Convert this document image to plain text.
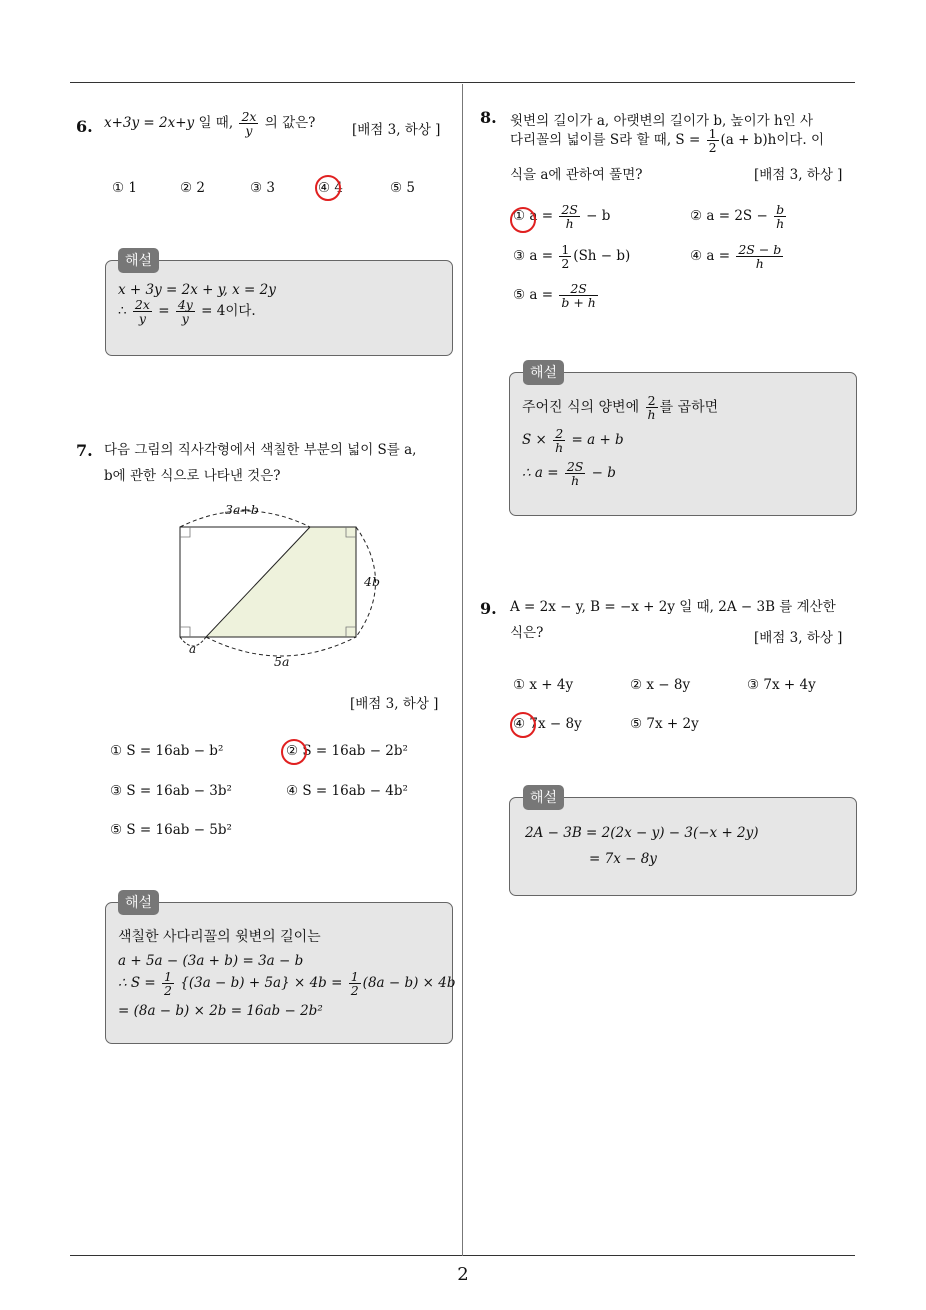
6. x+3y = 2x+y 일 때, $\frac{2x}{y}$ 의 값은?	[배점 3, 하상 ]
① 1	② 2	③ 3	④ 4	⑤ 5
해설
x + 3y = 2x + y, x = 2y
∴ $\frac{2x}{y} = \frac{4y}{y} = 4$이다.
7. 다음 그림의 직사각형에서 색칠한 부분의 넓이 S를 a,
b에 관한 식으로 나타낸 것은?
3a+b
4b
5a
a
[배점 3, 하상 ]
① S = 16ab − b²	② S = 16ab − 2b²
③ S = 16ab − 3b²	④ S = 16ab − 4b²
⑤ S = 16ab − 5b²
해설
색칠한 사다리꼴의 윗변의 길이는
a + 5a − (3a + b) = 3a − b
∴ $S = \frac{1}{2} \{(3a - b) + 5a\} \times 4b = \frac{1}{2} (8a - b) \times 4b$
= (8a − b) × 2b = 16ab − 2b²
8. 윗변의 길이가 a, 아랫변의 길이가 b, 높이가 h인 사
다리꼴의 넓이를 S라 할 때, $S = \frac{1}{2} (a + b)h$이다. 이
식을 a에 관하여 풀면?	[배점 3, 하상 ]
① $a = \frac{2S}{h} - b$	② $a = 2S - \frac{b}{h}$
③ $a = \frac{1}{2} (Sh - b)$	④ $a = \frac{2S - b}{h}$
⑤ $a = \frac{2S}{b + h}$
해설
주어진 식의 양변에 $\frac{2}{h}$ 를 곱하면
$S \times \frac{2}{h} = a + b$
∴ $a = \frac{2S}{h} - b$
9. A = 2x − y, B = −x + 2y 일 때, 2A − 3B 를 계산한
식은?	[배점 3, 하상 ]
① x + 4y	② x − 8y	③ 7x + 4y
④ 7x − 8y	⑤ 7x + 2y
해설
2A − 3B = 2(2x − y) − 3(−x + 2y)
= 7x − 8y
2
